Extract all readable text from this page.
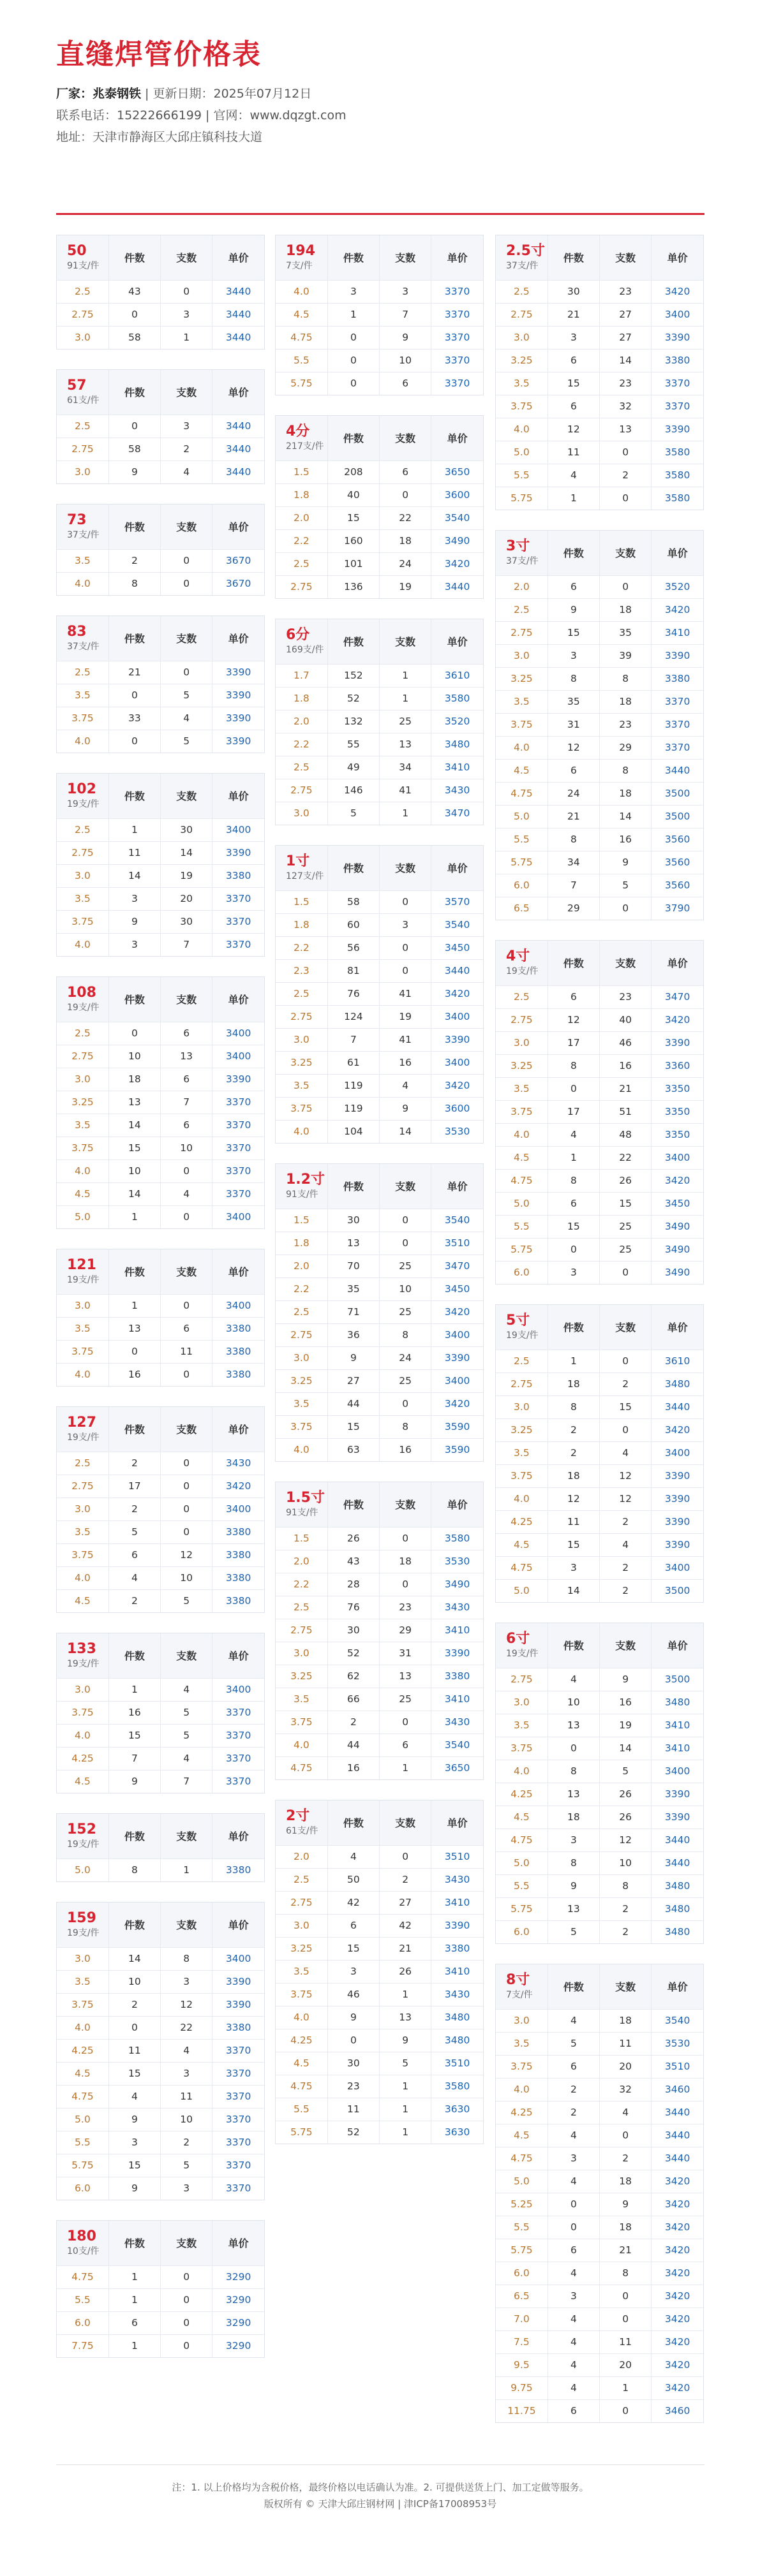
直缝焊管价格表
厂家：兆泰钢铁 | 更新日期：2025年07月12日
联系电话：15222666199 | 官网：www.dqzgt.com
地址：天津市静海区大邱庄镇科技大道
50
91支/件	件数	支数	单价
2.5	43	0	3440
2.75	0	3	3440
3.0	58	1	3440
57
61支/件	件数	支数	单价
2.5	0	3	3440
2.75	58	2	3440
3.0	9	4	3440
73
37支/件	件数	支数	单价
3.5	2	0	3670
4.0	8	0	3670
83
37支/件	件数	支数	单价
2.5	21	0	3390
3.5	0	5	3390
3.75	33	4	3390
4.0	0	5	3390
102
19支/件	件数	支数	单价
2.5	1	30	3400
2.75	11	14	3390
3.0	14	19	3380
3.5	3	20	3370
3.75	9	30	3370
4.0	3	7	3370
108
19支/件	件数	支数	单价
2.5	0	6	3400
2.75	10	13	3400
3.0	18	6	3390
3.25	13	7	3370
3.5	14	6	3370
3.75	15	10	3370
4.0	10	0	3370
4.5	14	4	3370
5.0	1	0	3400
121
19支/件	件数	支数	单价
3.0	1	0	3400
3.5	13	6	3380
3.75	0	11	3380
4.0	16	0	3380
127
19支/件	件数	支数	单价
2.5	2	0	3430
2.75	17	0	3420
3.0	2	0	3400
3.5	5	0	3380
3.75	6	12	3380
4.0	4	10	3380
4.5	2	5	3380
133
19支/件	件数	支数	单价
3.0	1	4	3400
3.75	16	5	3370
4.0	15	5	3370
4.25	7	4	3370
4.5	9	7	3370
152
19支/件	件数	支数	单价
5.0	8	1	3380
159
19支/件	件数	支数	单价
3.0	14	8	3400
3.5	10	3	3390
3.75	2	12	3390
4.0	0	22	3380
4.25	11	4	3370
4.5	15	3	3370
4.75	4	11	3370
5.0	9	10	3370
5.5	3	2	3370
5.75	15	5	3370
6.0	9	3	3370
180
10支/件	件数	支数	单价
4.75	1	0	3290
5.5	1	0	3290
6.0	6	0	3290
7.75	1	0	3290
194
7支/件	件数	支数	单价
4.0	3	3	3370
4.5	1	7	3370
4.75	0	9	3370
5.5	0	10	3370
5.75	0	6	3370
4分
217支/件	件数	支数	单价
1.5	208	6	3650
1.8	40	0	3600
2.0	15	22	3540
2.2	160	18	3490
2.5	101	24	3420
2.75	136	19	3440
6分
169支/件	件数	支数	单价
1.7	152	1	3610
1.8	52	1	3580
2.0	132	25	3520
2.2	55	13	3480
2.5	49	34	3410
2.75	146	41	3430
3.0	5	1	3470
1寸
127支/件	件数	支数	单价
1.5	58	0	3570
1.8	60	3	3540
2.2	56	0	3450
2.3	81	0	3440
2.5	76	41	3420
2.75	124	19	3400
3.0	7	41	3390
3.25	61	16	3400
3.5	119	4	3420
3.75	119	9	3600
4.0	104	14	3530
1.2寸
91支/件	件数	支数	单价
1.5	30	0	3540
1.8	13	0	3510
2.0	70	25	3470
2.2	35	10	3450
2.5	71	25	3420
2.75	36	8	3400
3.0	9	24	3390
3.25	27	25	3400
3.5	44	0	3420
3.75	15	8	3590
4.0	63	16	3590
1.5寸
91支/件	件数	支数	单价
1.5	26	0	3580
2.0	43	18	3530
2.2	28	0	3490
2.5	76	23	3430
2.75	30	29	3410
3.0	52	31	3390
3.25	62	13	3380
3.5	66	25	3410
3.75	2	0	3430
4.0	44	6	3540
4.75	16	1	3650
2寸
61支/件	件数	支数	单价
2.0	4	0	3510
2.5	50	2	3430
2.75	42	27	3410
3.0	6	42	3390
3.25	15	21	3380
3.5	3	26	3410
3.75	46	1	3430
4.0	9	13	3480
4.25	0	9	3480
4.5	30	5	3510
4.75	23	1	3580
5.5	11	1	3630
5.75	52	1	3630
2.5寸
37支/件	件数	支数	单价
2.5	30	23	3420
2.75	21	27	3400
3.0	3	27	3390
3.25	6	14	3380
3.5	15	23	3370
3.75	6	32	3370
4.0	12	13	3390
5.0	11	0	3580
5.5	4	2	3580
5.75	1	0	3580
3寸
37支/件	件数	支数	单价
2.0	6	0	3520
2.5	9	18	3420
2.75	15	35	3410
3.0	3	39	3390
3.25	8	8	3380
3.5	35	18	3370
3.75	31	23	3370
4.0	12	29	3370
4.5	6	8	3440
4.75	24	18	3500
5.0	21	14	3500
5.5	8	16	3560
5.75	34	9	3560
6.0	7	5	3560
6.5	29	0	3790
4寸
19支/件	件数	支数	单价
2.5	6	23	3470
2.75	12	40	3420
3.0	17	46	3390
3.25	8	16	3360
3.5	0	21	3350
3.75	17	51	3350
4.0	4	48	3350
4.5	1	22	3400
4.75	8	26	3420
5.0	6	15	3450
5.5	15	25	3490
5.75	0	25	3490
6.0	3	0	3490
5寸
19支/件	件数	支数	单价
2.5	1	0	3610
2.75	18	2	3480
3.0	8	15	3440
3.25	2	0	3420
3.5	2	4	3400
3.75	18	12	3390
4.0	12	12	3390
4.25	11	2	3390
4.5	15	4	3390
4.75	3	2	3400
5.0	14	2	3500
6寸
19支/件	件数	支数	单价
2.75	4	9	3500
3.0	10	16	3480
3.5	13	19	3410
3.75	0	14	3410
4.0	8	5	3400
4.25	13	26	3390
4.5	18	26	3390
4.75	3	12	3440
5.0	8	10	3440
5.5	9	8	3480
5.75	13	2	3480
6.0	5	2	3480
8寸
7支/件	件数	支数	单价
3.0	4	18	3540
3.5	5	11	3530
3.75	6	20	3510
4.0	2	32	3460
4.25	2	4	3440
4.5	4	0	3440
4.75	3	2	3440
5.0	4	18	3420
5.25	0	9	3420
5.5	0	18	3420
5.75	6	21	3420
6.0	4	8	3420
6.5	3	0	3420
7.0	4	0	3420
7.5	4	11	3420
9.5	4	20	3420
9.75	4	1	3420
11.75	6	0	3460
注：1. 以上价格均为含税价格，最终价格以电话确认为准。2. 可提供送货上门、加工定做等服务。
版权所有 © 天津大邱庄钢材网 | 津ICP备17008953号
